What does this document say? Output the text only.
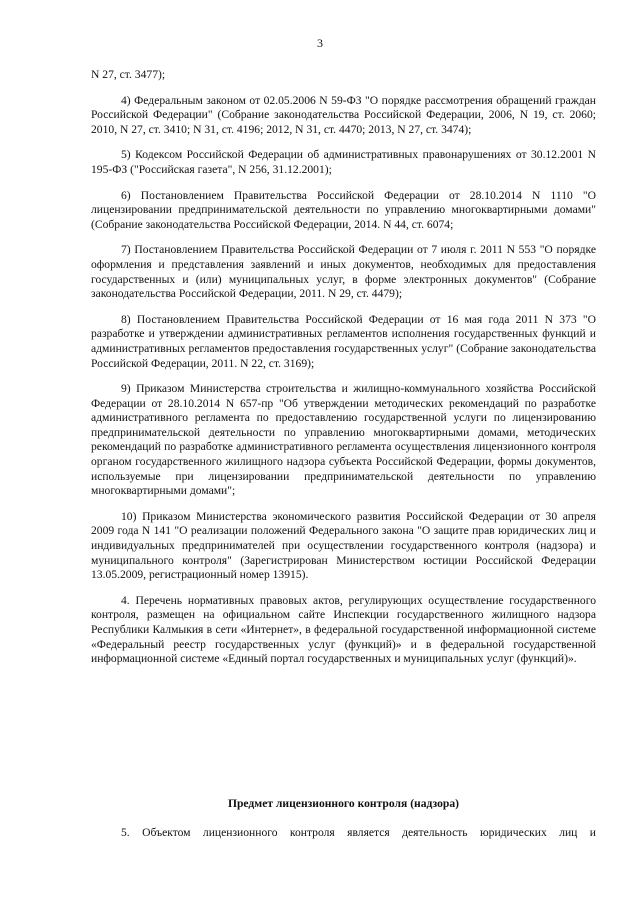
3

N 27, ст. 3477);

4) Федеральным законом от 02.05.2006 N 59-ФЗ "О порядке рассмотрения обращений граждан Российской Федерации" (Собрание законодательства Российской Федерации, 2006, N 19, ст. 2060; 2010, N 27, ст. 3410; N 31, ст. 4196; 2012, N 31, ст. 4470; 2013, N 27, ст. 3474);

5) Кодексом Российской Федерации об административных правонарушениях от 30.12.2001 N 195-ФЗ ("Российская газета", N 256, 31.12.2001);

6) Постановлением Правительства Российской Федерации от 28.10.2014 N 1110 "О лицензировании предпринимательской деятельности по управлению многоквартирными домами" (Собрание законодательства Российской Федерации, 2014. N 44, ст. 6074;

7) Постановлением Правительства Российской Федерации от 7 июля г. 2011 N 553 "О порядке оформления и представления заявлений и иных документов, необходимых для предоставления государственных и (или) муниципальных услуг, в форме электронных документов" (Собрание законодательства Российской Федерации, 2011. N 29, ст. 4479);

8) Постановлением Правительства Российской Федерации от 16 мая года 2011 N 373 "О разработке и утверждении административных регламентов исполнения государственных функций и административных регламентов предоставления государственных услуг" (Собрание законодательства Российской Федерации, 2011. N 22, ст. 3169);

9) Приказом Министерства строительства и жилищно-коммунального хозяйства Российской Федерации от 28.10.2014 N 657-пр "Об утверждении методических рекомендаций по разработке административного регламента по предоставлению государственной услуги по лицензированию предпринимательской деятельности по управлению многоквартирными домами, методических рекомендаций по разработке административного регламента осуществления лицензионного контроля органом государственного жилищного надзора субъекта Российской Федерации, формы документов, используемые при лицензировании предпринимательской деятельности по управлению многоквартирными домами";

10) Приказом Министерства экономического развития Российской Федерации от 30 апреля 2009 года N 141 "О реализации положений Федерального закона "О защите прав юридических лиц и индивидуальных предпринимателей при осуществлении государственного контроля (надзора) и муниципального контроля" (Зарегистрирован Министерством юстиции Российской Федерации 13.05.2009, регистрационный номер 13915).

4. Перечень нормативных правовых актов, регулирующих осуществление государственного контроля, размещен на официальном сайте Инспекции государственного жилищного надзора Республики Калмыкия в сети «Интернет», в федеральной государственной информационной системе «Федеральный реестр государственных услуг (функций)» и в федеральной государственной информационной системе «Единый портал государственных и муниципальных услуг (функций)».

Предмет лицензионного контроля (надзора)
5. Объектом лицензионного контроля является деятельность юридических лиц и
